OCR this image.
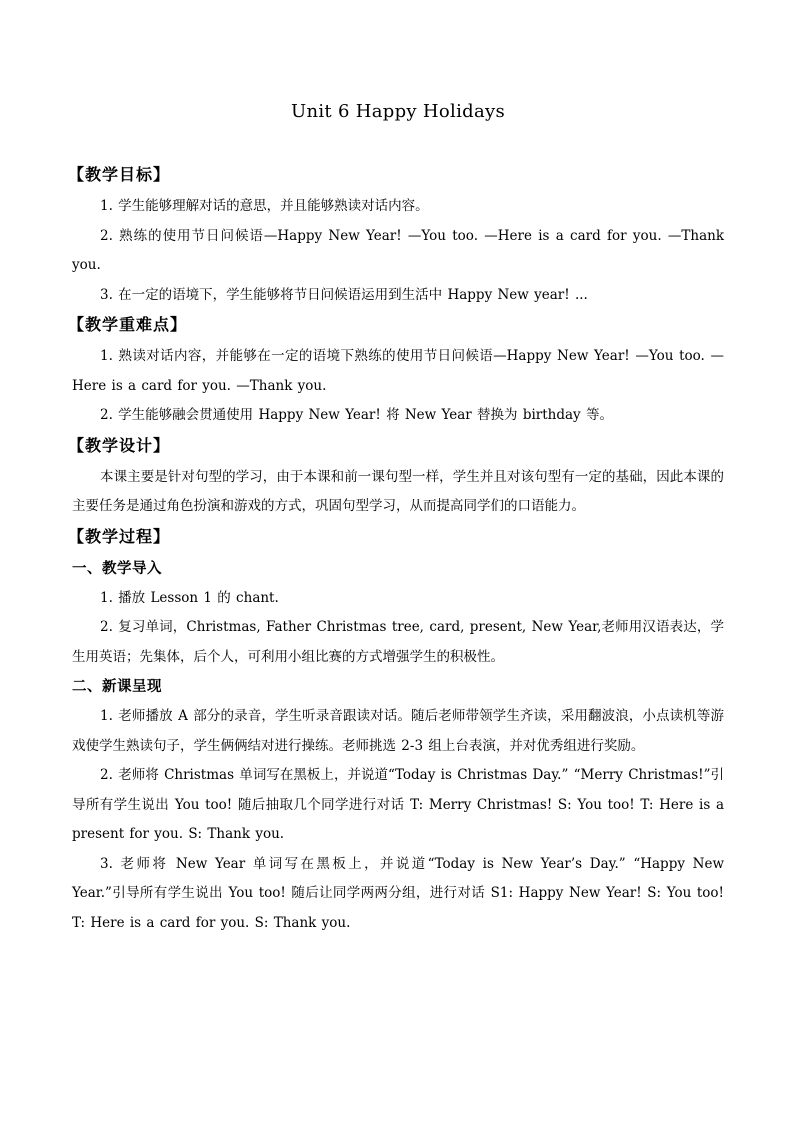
Unit 6 Happy Holidays
【教学目标】

1. 学生能够理解对话的意思，并且能够熟读对话内容。

2. 熟练的使用节日问候语—Happy New Year! —You too. —Here is a card for you. —Thank you.

3. 在一定的语境下，学生能够将节日问候语运用到生活中 Happy New year! ...

【教学重难点】

1. 熟读对话内容，并能够在一定的语境下熟练的使用节日问候语—Happy New Year! —You too. —Here is a card for you. —Thank you.

2. 学生能够融会贯通使用 Happy New Year! 将 New Year 替换为 birthday 等。

【教学设计】

本课主要是针对句型的学习，由于本课和前一课句型一样，学生并且对该句型有一定的基础，因此本课的主要任务是通过角色扮演和游戏的方式，巩固句型学习，从而提高同学们的口语能力。

【教学过程】
一、教学导入

1. 播放 Lesson 1 的 chant.

2. 复习单词，Christmas, Father Christmas tree, card, present, New Year,老师用汉语表达，学生用英语；先集体，后个人，可利用小组比赛的方式增强学生的积极性。

二、新课呈现

1. 老师播放 A 部分的录音，学生听录音跟读对话。随后老师带领学生齐读，采用翻波浪，小点读机等游戏使学生熟读句子，学生俩俩结对进行操练。老师挑选 2-3 组上台表演，并对优秀组进行奖励。

2. 老师将 Christmas 单词写在黑板上，并说道“Today is Christmas Day.” “Merry Christmas!”引导所有学生说出 You too! 随后抽取几个同学进行对话 T: Merry Christmas! S: You too! T: Here is a present for you. S: Thank you.

3. 老师将 New Year 单词写在黑板上，并说道“Today is New Year’s Day.” “Happy New Year.”引导所有学生说出 You too! 随后让同学两两分组，进行对话 S1: Happy New Year! S: You too! T: Here is a card for you. S: Thank you.
